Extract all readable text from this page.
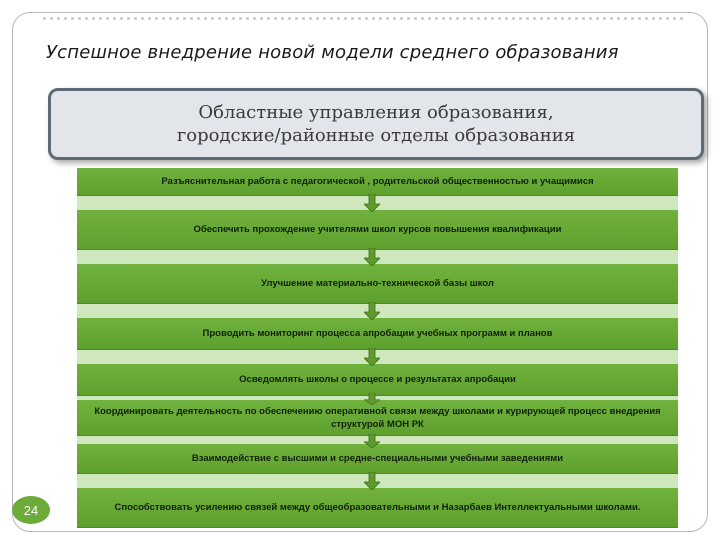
Успешное внедрение новой модели среднего образования
Областные управления образования,
городские/районные отделы образования
Разъяснительная работа с педагогической , родительской общественностью и учащимися
Обеспечить прохождение учителями школ курсов повышения квалификации
Улучшение материально-технической базы школ
Проводить мониторинг процесса апробации учебных программ и планов
Осведомлять школы о процессе и результатах апробации
Координировать деятельность по обеспечению оперативной связи между школами и курирующей процесс внедрения структурой МОН РК
Взаимодействие с высшими и средне-специальными учебными заведениями
Способствовать усилению связей между общеобразовательными и Назарбаев Интеллектуальными школами.
24
